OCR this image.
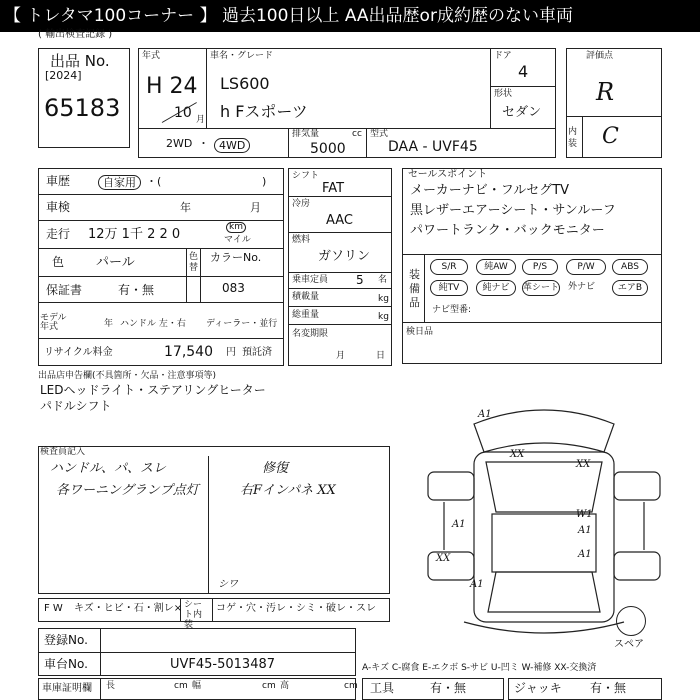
【 トレタマ100コーナー 】 過去100日以上 AA出品歴or成約歴のない車両
( 輸出検査記録 )
出品 No.
[2024]
65183
年式
H 24
10 月
車名・グレード
LS600
h Fスポーツ
ドア
4
形状
セダン
2WD ・ 4WD
排気量	cc
5000
型式
DAA - UVF45
評価点
R
内装 C
車歴	自家用 ・(	)
車検	年	月
走行 12万 1千 2 2 0	km
マイル
色 パール	色替
カラーNo.
083
保証書	有・無
モデル年式	年 ハンドル 左・右 ディーラー・並行
リサイクル料金	17,540 円 預託済
シフト
FAT
冷房
AAC
燃料
ガソリン
乗車定員 5 名
積載量	kg
総重量	kg
名変期限
月	日
セールスポイント
メーカーナビ・フルセグTV
黒レザーエアーシート・サンルーフ
パワートランク・バックモニター
装備品
S/R	純AW	P/S	P/W	ABS
純TV	純ナビ	革シート 外ナビ	エアB
ナビ型番:
検日品
出品店申告欄(不具箇所・欠品・注意事項等)
LEDヘッドライト・ステアリングヒーター
パドルシフト
検査員記入
ハンドル、パ、スレ
各ワーニングランプ点灯
修復
右Fインパネ XX
A1
XX
XX
A1
W1
A1
A1
A1
XX
スペア
F W キズ・ヒビ・石・割レ× シート内装
コゲ・穴・汚レ・シミ・破レ・スレ
シワ
登録No.
車台No.	UVF45-5013487	A-キズ C-腐食 E-エクボ S-サビ U-凹ミ W-補修 XX-交換済
車庫証明欄 長	cm 幅	cm 高	cm 工具	有・無	ジャッキ 有・無
